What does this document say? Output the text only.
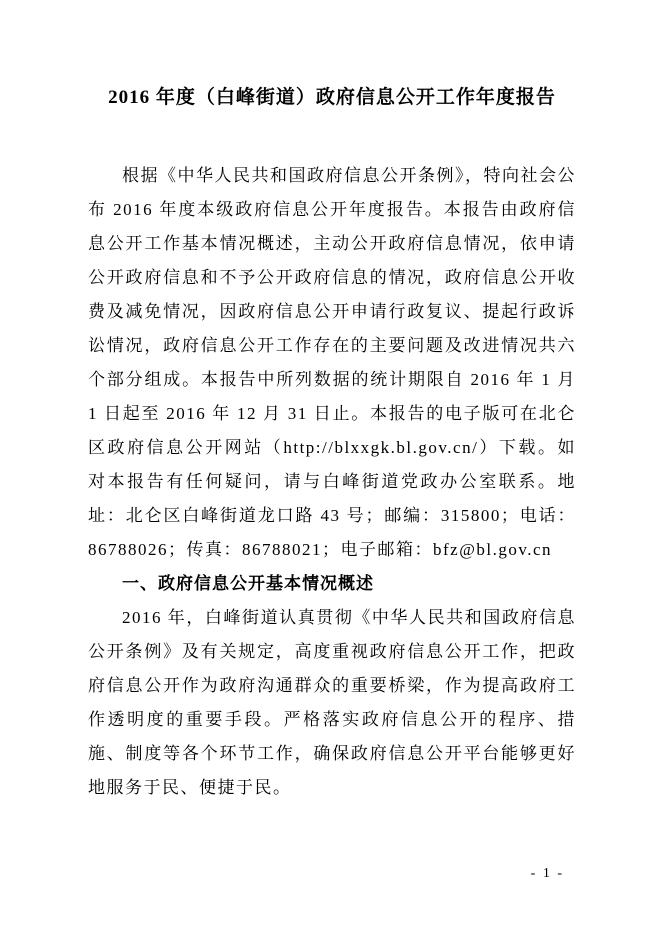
2016 年度（白峰街道）政府信息公开工作年度报告

根据《中华人民共和国政府信息公开条例》，特向社会公布 2016 年度本级政府信息公开年度报告。本报告由政府信息公开工作基本情况概述，主动公开政府信息情况，依申请公开政府信息和不予公开政府信息的情况，政府信息公开收费及减免情况，因政府信息公开申请行政复议、提起行政诉讼情况，政府信息公开工作存在的主要问题及改进情况共六个部分组成。本报告中所列数据的统计期限自 2016 年 1 月 1 日起至 2016 年 12 月 31 日止。本报告的电子版可在北仑区政府信息公开网站（http://blxxgk.bl.gov.cn/）下载。如对本报告有任何疑问，请与白峰街道党政办公室联系。地址：北仑区白峰街道龙口路 43 号；邮编：315800；电话：86788026；传真：86788021；电子邮箱：bfz@bl.gov.cn

一、政府信息公开基本情况概述

2016 年，白峰街道认真贯彻《中华人民共和国政府信息公开条例》及有关规定，高度重视政府信息公开工作，把政府信息公开作为政府沟通群众的重要桥梁，作为提高政府工作透明度的重要手段。严格落实政府信息公开的程序、措施、制度等各个环节工作，确保政府信息公开平台能够更好地服务于民、便捷于民。

- 1 -
